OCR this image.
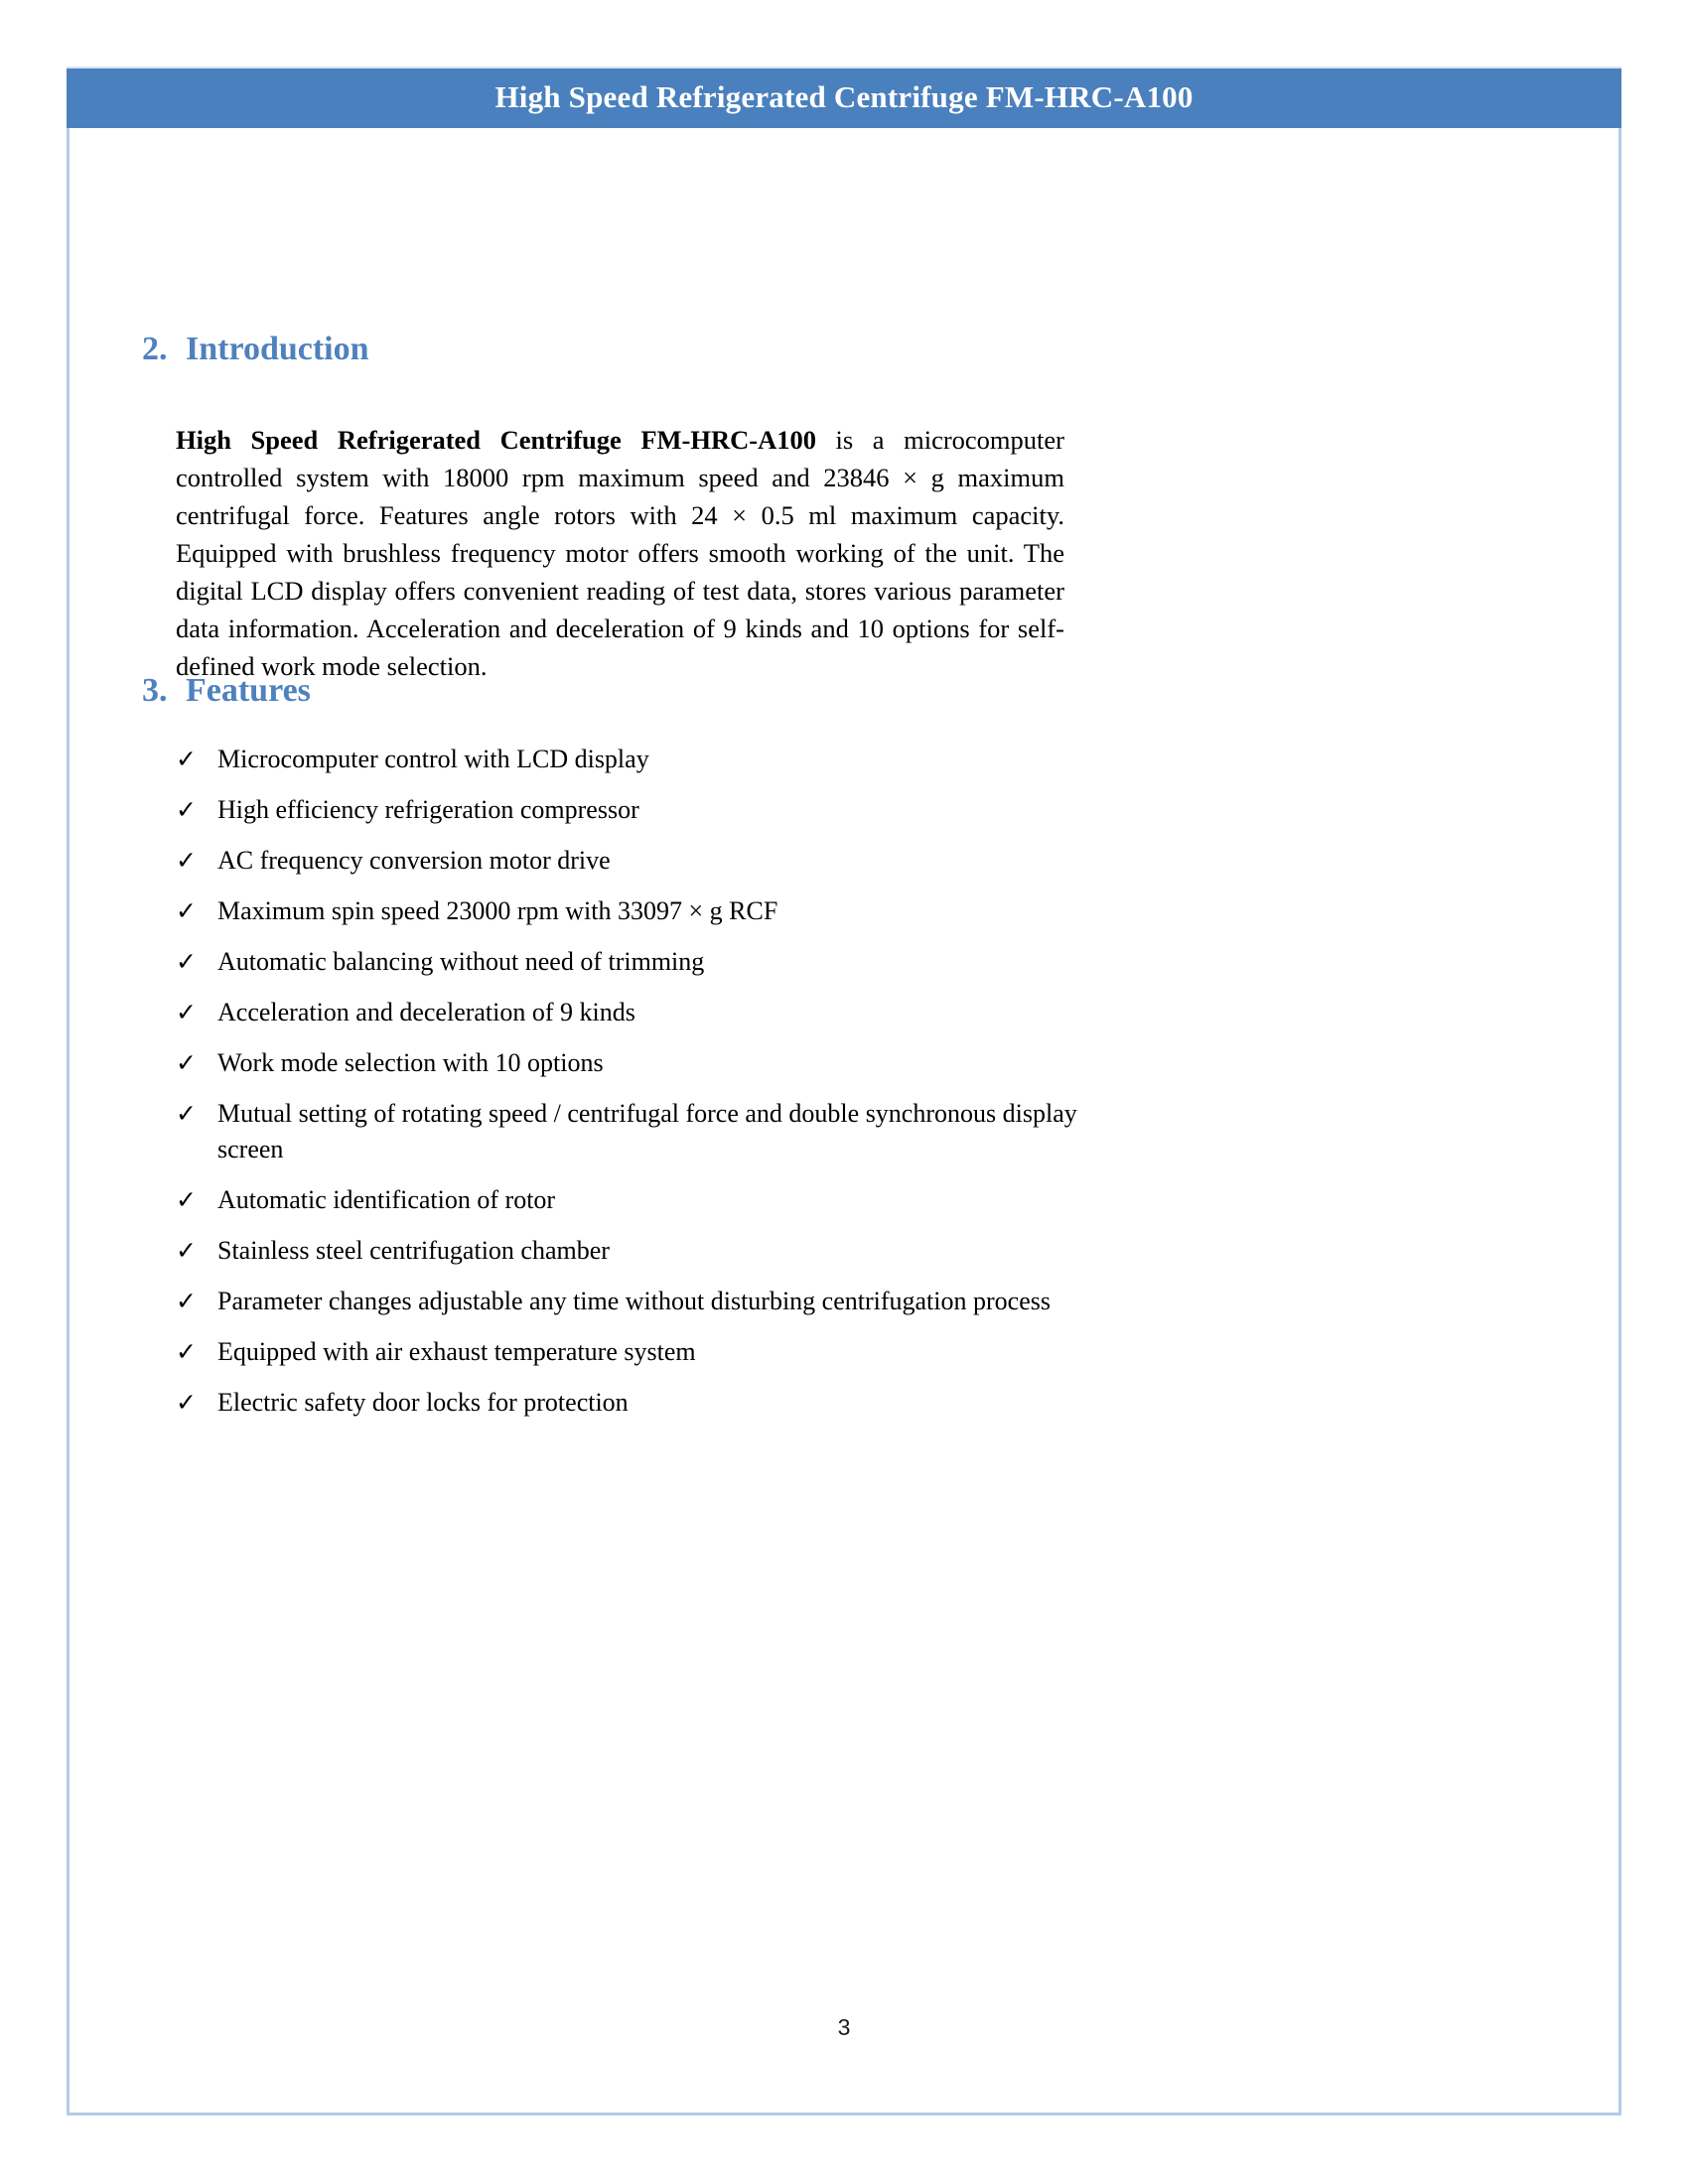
High Speed Refrigerated Centrifuge FM-HRC-A100
2. Introduction

High Speed Refrigerated Centrifuge FM-HRC-A100 is a microcomputer controlled system with 18000 rpm maximum speed and 23846 × g maximum centrifugal force. Features angle rotors with 24 × 0.5 ml maximum capacity. Equipped with brushless frequency motor offers smooth working of the unit. The digital LCD display offers convenient reading of test data, stores various parameter data information. Acceleration and deceleration of 9 kinds and 10 options for self-defined work mode selection.

3. Features
✓ Microcomputer control with LCD display
✓ High efficiency refrigeration compressor
✓ AC frequency conversion motor drive
✓ Maximum spin speed 23000 rpm with 33097 × g RCF
✓ Automatic balancing without need of trimming
✓ Acceleration and deceleration of 9 kinds
✓ Work mode selection with 10 options
✓ Mutual setting of rotating speed / centrifugal force and double synchronous display screen
✓ Automatic identification of rotor
✓ Stainless steel centrifugation chamber
✓ Parameter changes adjustable any time without disturbing centrifugation process
✓ Equipped with air exhaust temperature system
✓ Electric safety door locks for protection
3
